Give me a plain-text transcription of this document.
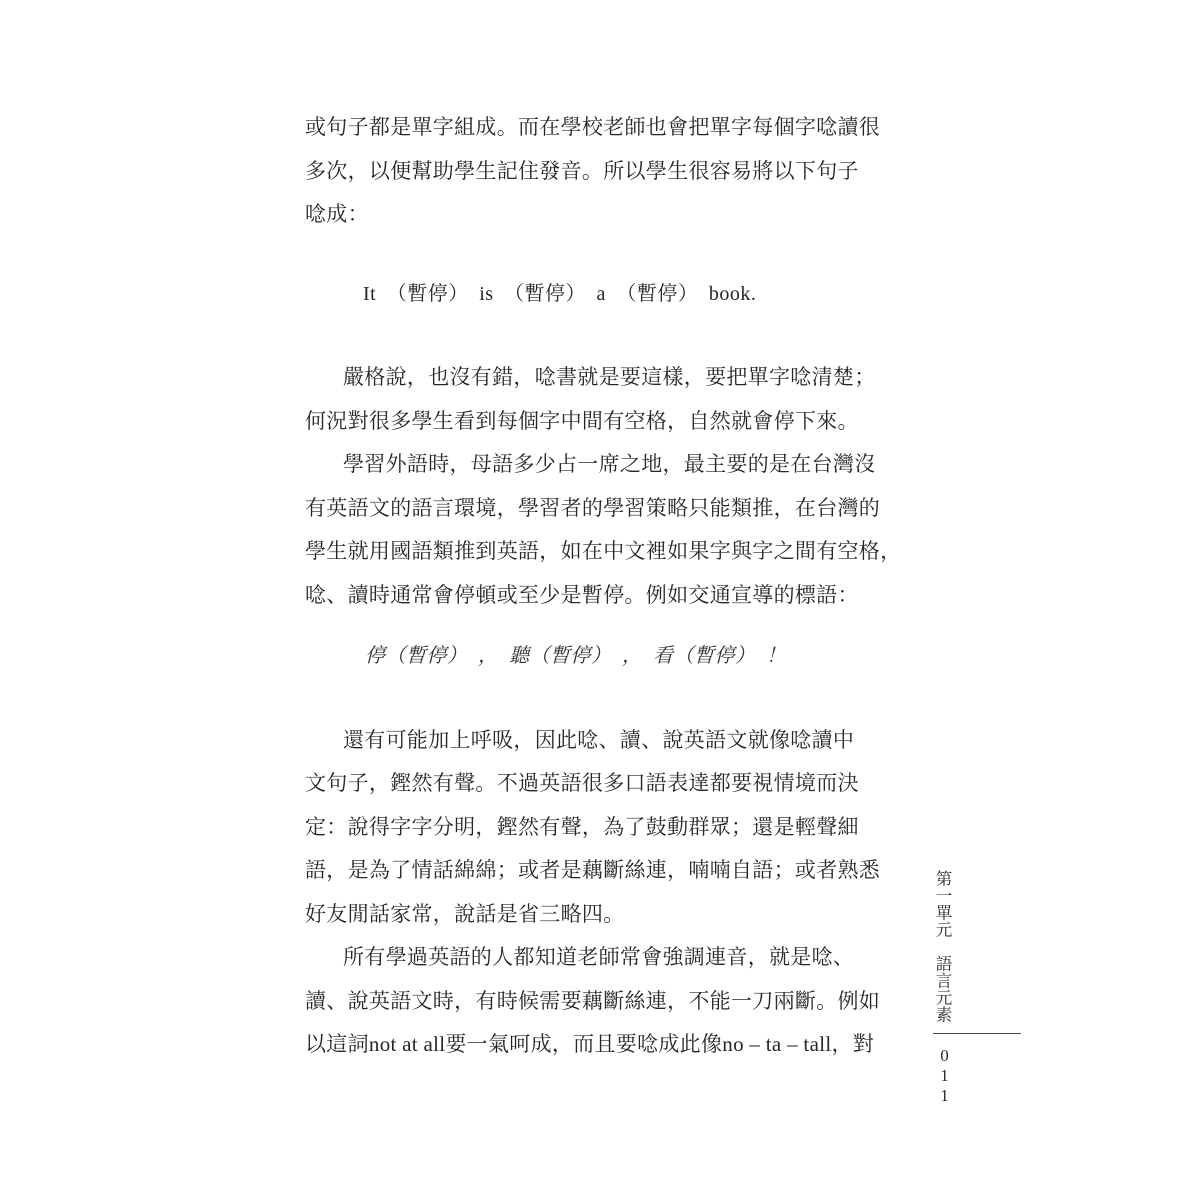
或句子都是單字組成。而在學校老師也會把單字每個字唸讀很
多次，以便幫助學生記住發音。所以學生很容易將以下句子
唸成：
It　（暫停）　is　（暫停）　a　（暫停）　book.
嚴格說，也沒有錯，唸書就是要這樣，要把單字唸清楚；
何況對很多學生看到每個字中間有空格，自然就會停下來。
學習外語時，母語多少占一席之地，最主要的是在台灣沒
有英語文的語言環境，學習者的學習策略只能類推，在台灣的
學生就用國語類推到英語，如在中文裡如果字與字之間有空格，
唸、讀時通常會停頓或至少是暫停。例如交通宣導的標語：
停（暫停）　，　聽（暫停）　，　看（暫停）　！
還有可能加上呼吸，因此唸、讀、說英語文就像唸讀中
文句子，鏗然有聲。不過英語很多口語表達都要視情境而決
定：說得字字分明，鏗然有聲，為了鼓動群眾；還是輕聲細
語，是為了情話綿綿；或者是藕斷絲連，喃喃自語；或者熟悉
好友閒話家常，說話是省三略四。
所有學過英語的人都知道老師常會強調連音，就是唸、
讀、說英語文時，有時候需要藕斷絲連，不能一刀兩斷。例如
以這詞not at all要一氣呵成，而且要唸成此像no – ta – tall，對
第一單元　語言元素
011
